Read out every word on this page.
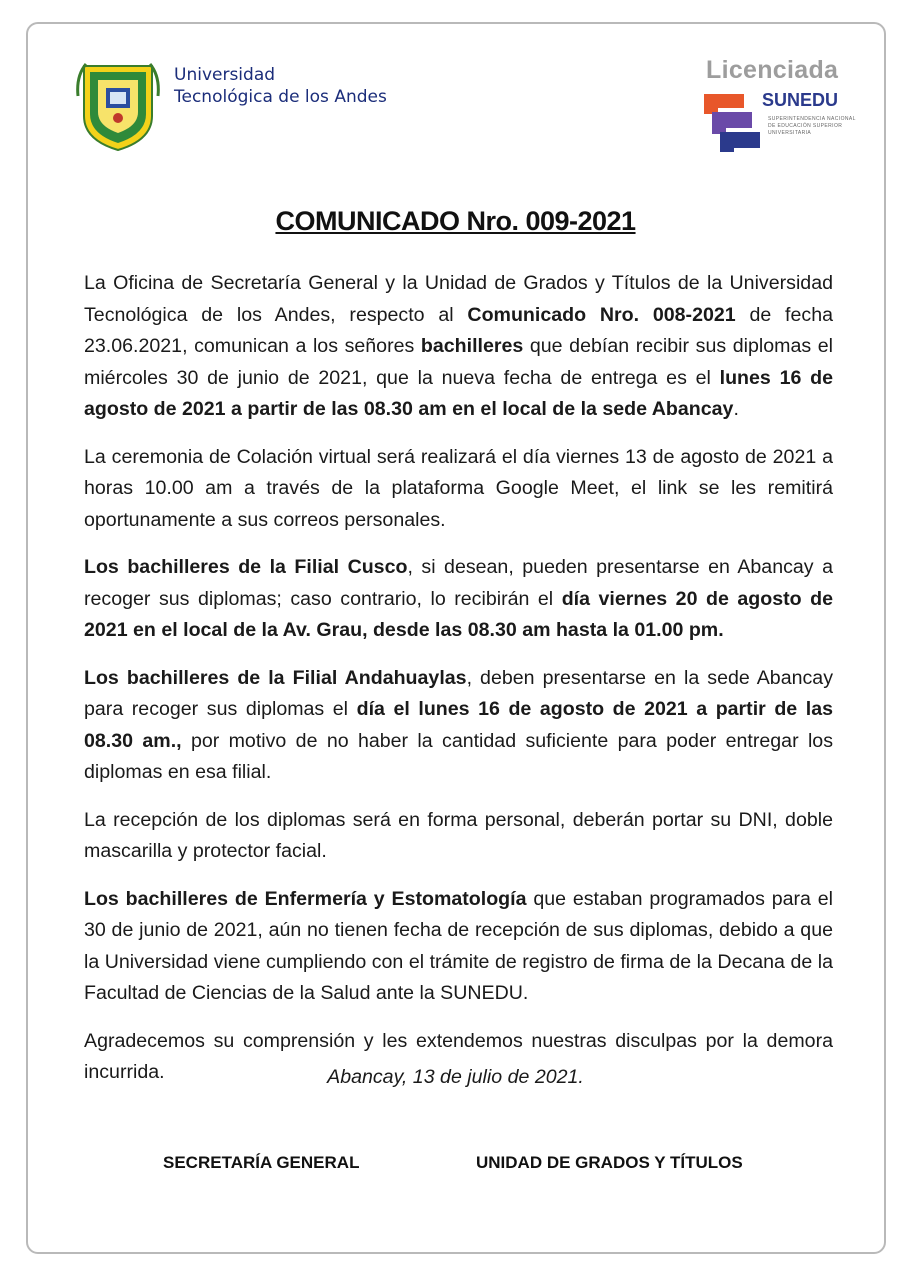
Universidad
Tecnológica de los Andes
Licenciada
SUNEDU
SUPERINTENDENCIA NACIONAL DE EDUCACIÓN SUPERIOR UNIVERSITARIA
COMUNICADO Nro. 009-2021

La Oficina de Secretaría General y la Unidad de Grados y Títulos de la Universidad Tecnológica de los Andes, respecto al Comunicado Nro. 008-2021 de fecha 23.06.2021, comunican a los señores bachilleres que debían recibir sus diplomas el miércoles 30 de junio de 2021, que la nueva fecha de entrega es el lunes 16 de agosto de 2021 a partir de las 08.30 am en el local de la sede Abancay.

La ceremonia de Colación virtual será realizará el día viernes 13 de agosto de 2021 a horas 10.00 am a través de la plataforma Google Meet, el link se les remitirá oportunamente a sus correos personales.

Los bachilleres de la Filial Cusco, si desean, pueden presentarse en Abancay a recoger sus diplomas; caso contrario, lo recibirán el día viernes 20 de agosto de 2021 en el local de la Av. Grau, desde las 08.30 am hasta la 01.00 pm.

Los bachilleres de la Filial Andahuaylas, deben presentarse en la sede Abancay para recoger sus diplomas el día el lunes 16 de agosto de 2021 a partir de las 08.30 am., por motivo de no haber la cantidad suficiente para poder entregar los diplomas en esa filial.

La recepción de los diplomas será en forma personal, deberán portar su DNI, doble mascarilla y protector facial.

Los bachilleres de Enfermería y Estomatología que estaban programados para el 30 de junio de 2021, aún no tienen fecha de recepción de sus diplomas, debido a que la Universidad viene cumpliendo con el trámite de registro de firma de la Decana de la Facultad de Ciencias de la Salud ante la SUNEDU.

Agradecemos su comprensión y les extendemos nuestras disculpas por la demora incurrida.	Abancay, 13 de julio de 2021.
SECRETARÍA GENERAL	UNIDAD DE GRADOS Y TÍTULOS
